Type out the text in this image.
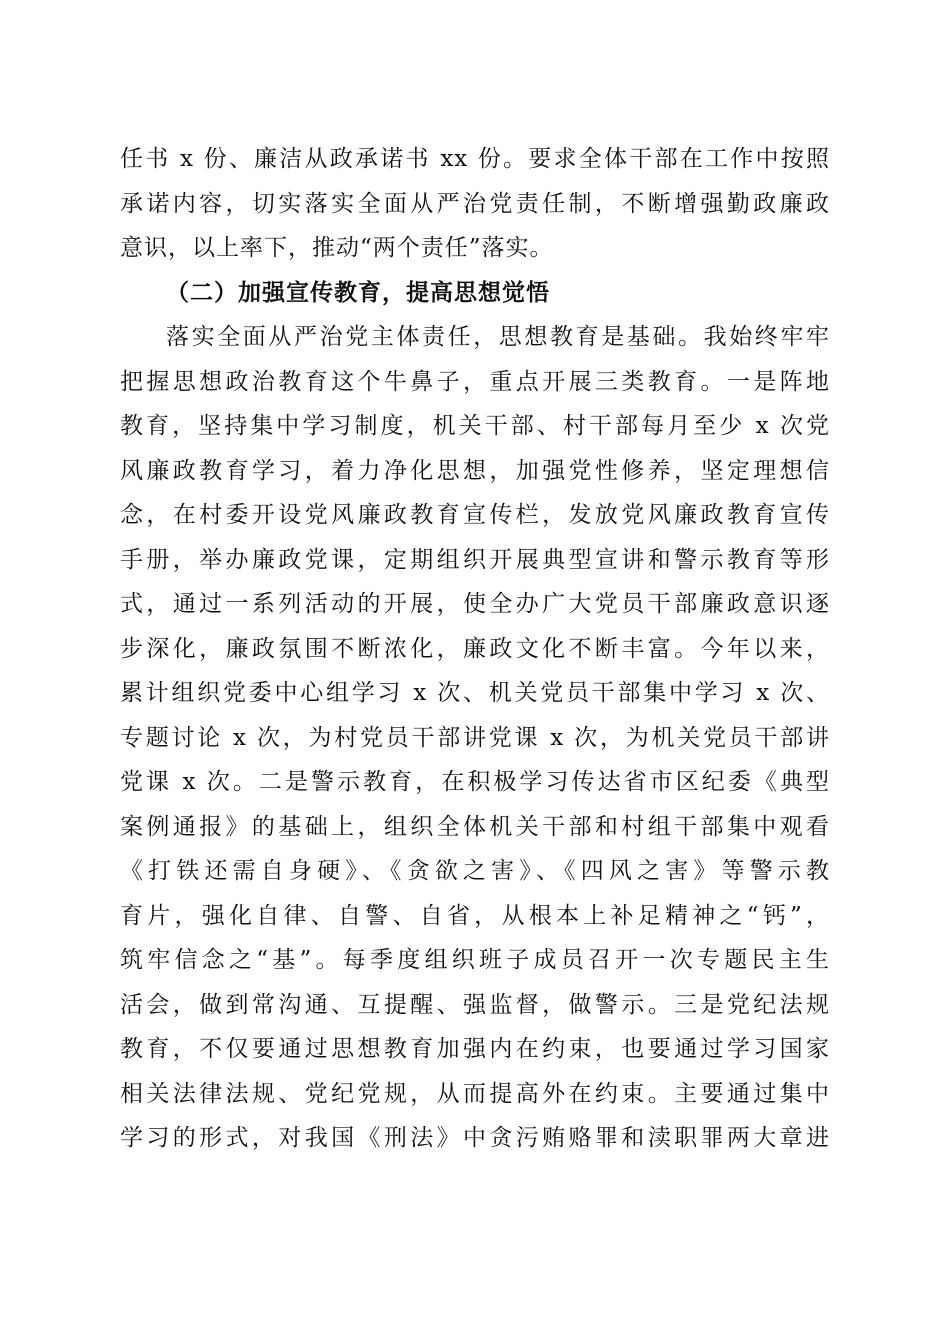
任书 x 份、廉洁从政承诺书 xx 份。要求全体干部在工作中按照
承诺内容，切实落实全面从严治党责任制，不断增强勤政廉政
意识，以上率下，推动“两个责任”落实。
（二）加强宣传教育，提高思想觉悟
落实全面从严治党主体责任，思想教育是基础。我始终牢牢
把握思想政治教育这个牛鼻子，重点开展三类教育。一是阵地
教育，坚持集中学习制度，机关干部、村干部每月至少 x 次党
风廉政教育学习，着力净化思想，加强党性修养，坚定理想信
念，在村委开设党风廉政教育宣传栏，发放党风廉政教育宣传
手册，举办廉政党课，定期组织开展典型宣讲和警示教育等形
式，通过一系列活动的开展，使全办广大党员干部廉政意识逐
步深化，廉政氛围不断浓化，廉政文化不断丰富。今年以来，
累计组织党委中心组学习 x 次、机关党员干部集中学习 x 次、
专题讨论 x 次，为村党员干部讲党课 x 次，为机关党员干部讲
党课 x 次。二是警示教育，在积极学习传达省市区纪委《典型
案例通报》的基础上，组织全体机关干部和村组干部集中观看
《打铁还需自身硬》、《贪欲之害》、《四风之害》等警示教
育片，强化自律、自警、自省，从根本上补足精神之“钙”，
筑牢信念之“基”。每季度组织班子成员召开一次专题民主生
活会，做到常沟通、互提醒、强监督，做警示。三是党纪法规
教育，不仅要通过思想教育加强内在约束，也要通过学习国家
相关法律法规、党纪党规，从而提高外在约束。主要通过集中
学习的形式，对我国《刑法》中贪污贿赂罪和渎职罪两大章进
